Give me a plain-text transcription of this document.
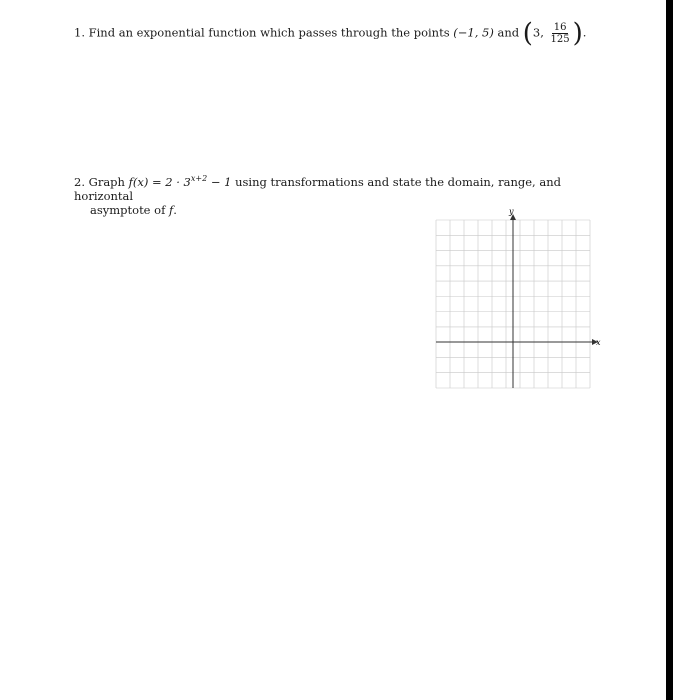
1. Find an exponential function which passes through the points (−1, 5) and (3, $\frac{16}{125}$ ).
2. Graph $f(x) = 2 \cdot 3^{x+2} - 1$ using transformations and state the domain, range, and horizontal
asymptote of f.
x
y
